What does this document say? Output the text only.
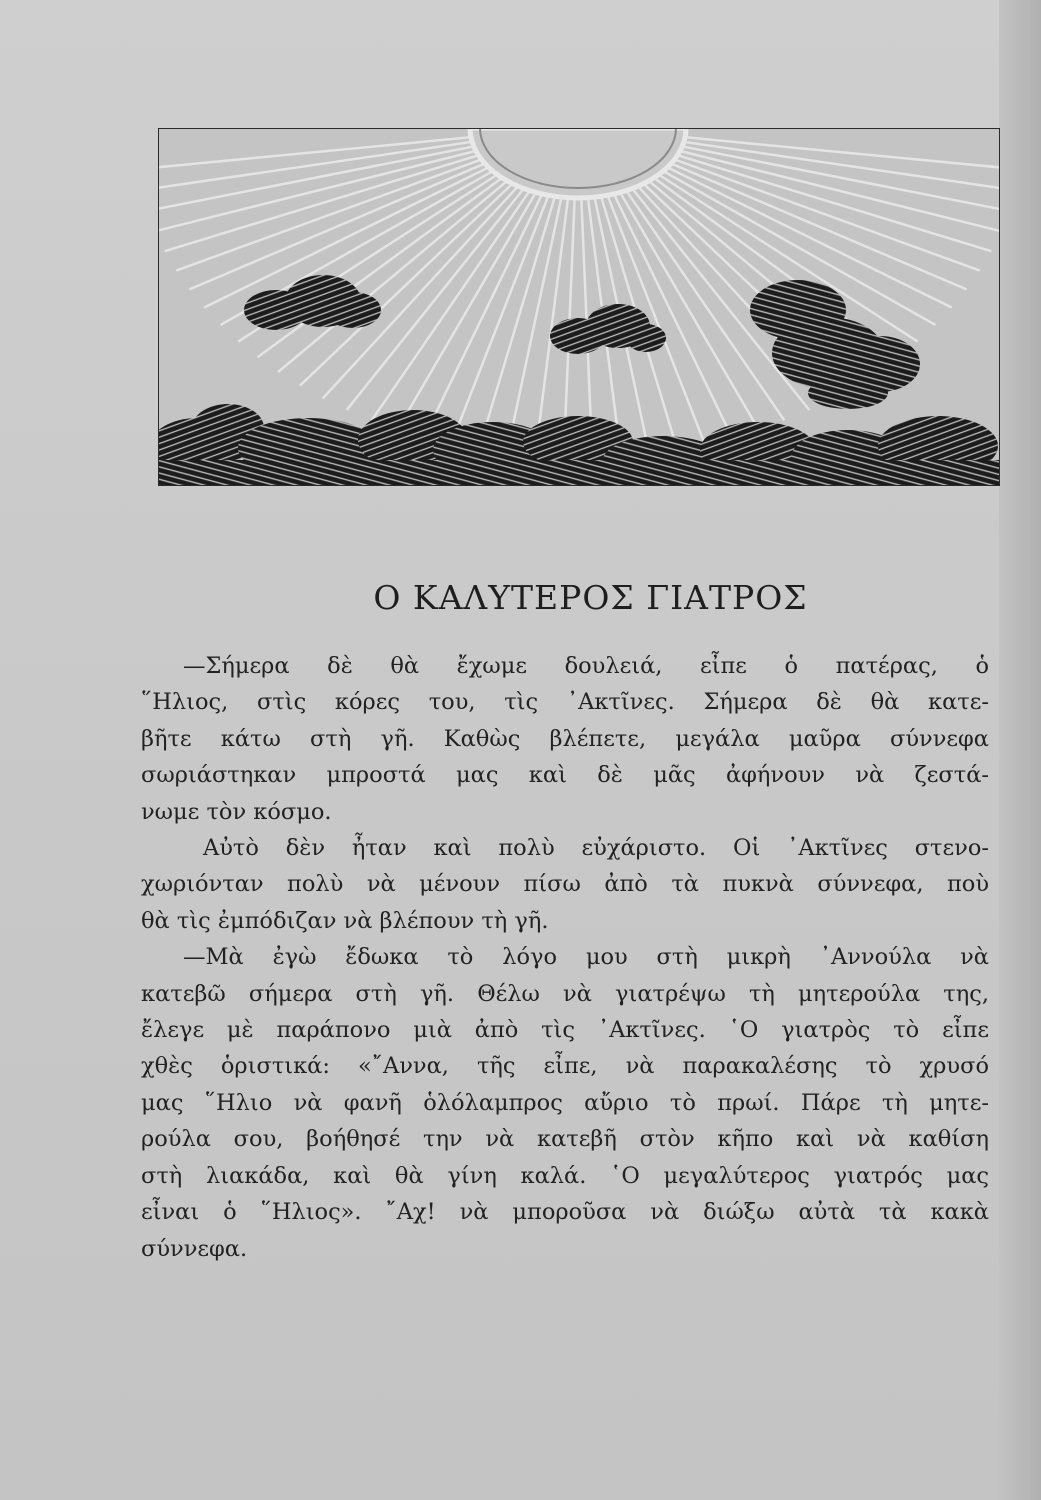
Ο ΚΑΛΥΤΕΡΟΣ ΓΙΑΤΡΟΣ
—Σήμερα δὲ θὰ ἔχωμε δουλειά, εἶπε ὁ πατέρας, ὁ
῞Ηλιος, στὶς κόρες του, τὶς ᾿Ακτῖνες. Σήμερα δὲ θὰ κατε-
βῆτε κάτω στὴ γῆ. Καθὼς βλέπετε, μεγάλα μαῦρα σύννεφα
σωριάστηκαν μπροστά μας καὶ δὲ μᾶς ἀφήνουν νὰ ζεστά-
νωμε τὸν κόσμο.
Αὐτὸ δὲν ἦταν καὶ πολὺ εὐχάριστο. Οἱ ᾿Ακτῖνες στενο-
χωριόνταν πολὺ νὰ μένουν πίσω ἀπὸ τὰ πυκνὰ σύννεφα, ποὺ
θὰ τὶς ἐμπόδιζαν νὰ βλέπουν τὴ γῆ.
—Μὰ ἐγὼ ἔδωκα τὸ λόγο μου στὴ μικρὴ ᾿Αννούλα νὰ
κατεβῶ σήμερα στὴ γῆ. Θέλω νὰ γιατρέψω τὴ μητερούλα της,
ἔλεγε μὲ παράπονο μιὰ ἀπὸ τὶς ᾿Ακτῖνες. ῾Ο γιατρὸς τὸ εἶπε
χθὲς ὁριστικά: «῎Αννα, τῆς εἶπε, νὰ παρακαλέσης τὸ χρυσό
μας ῞Ηλιο νὰ φανῆ ὁλόλαμπρος αὔριο τὸ πρωί. Πάρε τὴ μητε-
ρούλα σου, βοήθησέ την νὰ κατεβῆ στὸν κῆπο καὶ νὰ καθίση
στὴ λιακάδα, καὶ θὰ γίνη καλά. ῾Ο μεγαλύτερος γιατρός μας
εἶναι ὁ ῞Ηλιος». ῎Αχ! νὰ μποροῦσα νὰ διώξω αὐτὰ τὰ κακὰ
σύννεφα.
